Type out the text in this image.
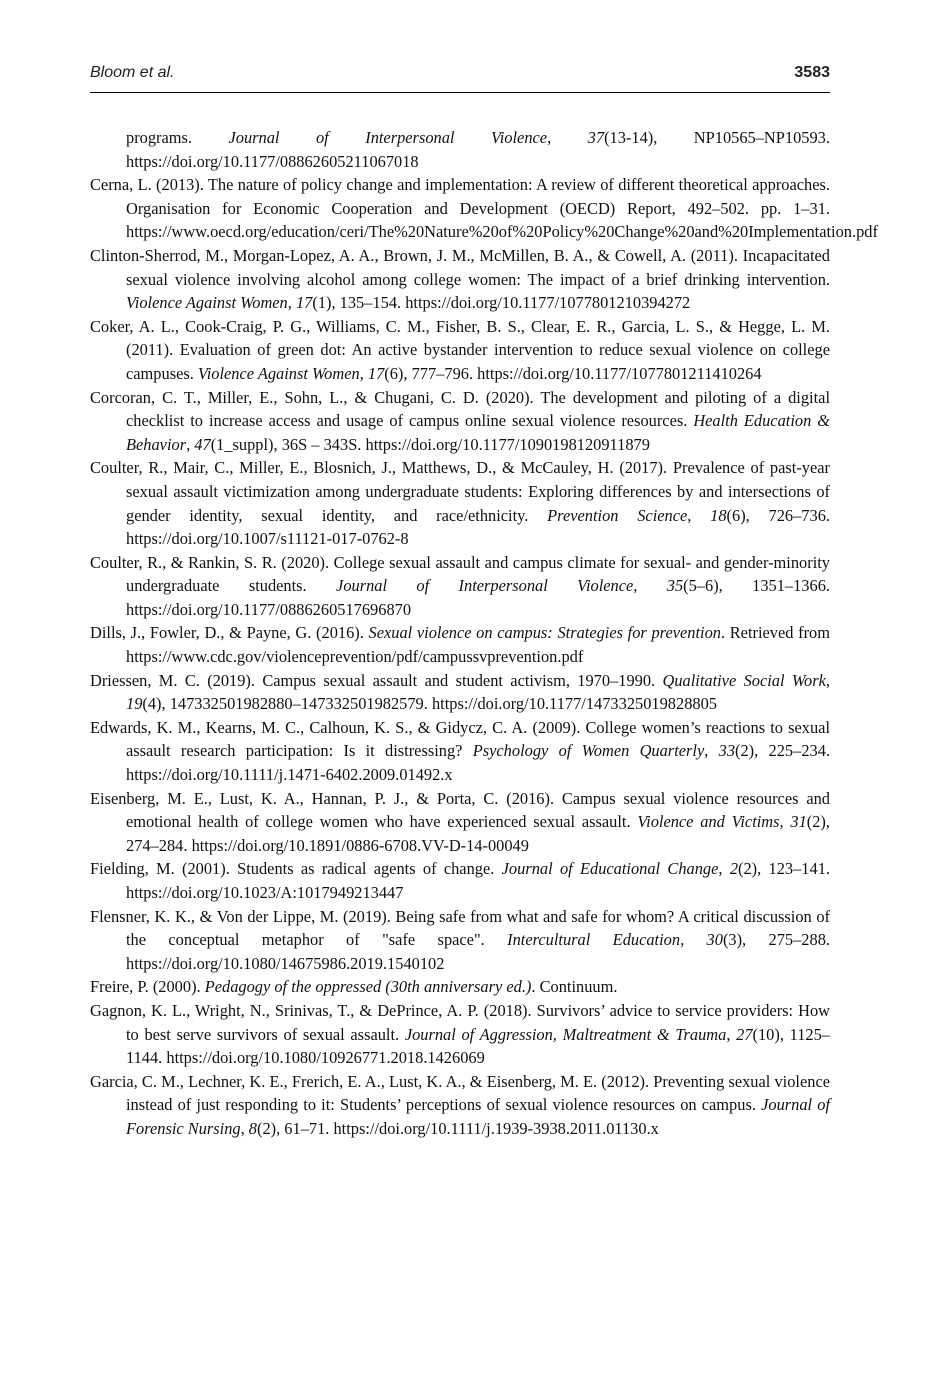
Bloom et al.	3583

programs. Journal of Interpersonal Violence, 37(13-14), NP10565–NP10593. https://doi.org/10.1177/08862605211067018

Cerna, L. (2013). The nature of policy change and implementation: A review of different theoretical approaches. Organisation for Economic Cooperation and Development (OECD) Report, 492–502. pp. 1–31. https://www.oecd.org/education/ceri/The%20Nature%20of%20Policy%20Change%20and%20Implementation.pdf

Clinton-Sherrod, M., Morgan-Lopez, A. A., Brown, J. M., McMillen, B. A., & Cowell, A. (2011). Incapacitated sexual violence involving alcohol among college women: The impact of a brief drinking intervention. Violence Against Women, 17(1), 135–154. https://doi.org/10.1177/1077801210394272

Coker, A. L., Cook-Craig, P. G., Williams, C. M., Fisher, B. S., Clear, E. R., Garcia, L. S., & Hegge, L. M. (2011). Evaluation of green dot: An active bystander intervention to reduce sexual violence on college campuses. Violence Against Women, 17(6), 777–796. https://doi.org/10.1177/1077801211410264

Corcoran, C. T., Miller, E., Sohn, L., & Chugani, C. D. (2020). The development and piloting of a digital checklist to increase access and usage of campus online sexual violence resources. Health Education & Behavior, 47(1_suppl), 36S – 343S. https://doi.org/10.1177/1090198120911879

Coulter, R., Mair, C., Miller, E., Blosnich, J., Matthews, D., & McCauley, H. (2017). Prevalence of past-year sexual assault victimization among undergraduate students: Exploring differences by and intersections of gender identity, sexual identity, and race/ethnicity. Prevention Science, 18(6), 726–736. https://doi.org/10.1007/s11121-017-0762-8

Coulter, R., & Rankin, S. R. (2020). College sexual assault and campus climate for sexual- and gender-minority undergraduate students. Journal of Interpersonal Violence, 35(5–6), 1351–1366. https://doi.org/10.1177/0886260517696870

Dills, J., Fowler, D., & Payne, G. (2016). Sexual violence on campus: Strategies for prevention. Retrieved from https://www.cdc.gov/violenceprevention/pdf/campussvprevention.pdf

Driessen, M. C. (2019). Campus sexual assault and student activism, 1970–1990. Qualitative Social Work, 19(4), 147332501982880–147332501982579. https://doi.org/10.1177/1473325019828805

Edwards, K. M., Kearns, M. C., Calhoun, K. S., & Gidycz, C. A. (2009). College women’s reactions to sexual assault research participation: Is it distressing? Psychology of Women Quarterly, 33(2), 225–234. https://doi.org/10.1111/j.1471-6402.2009.01492.x

Eisenberg, M. E., Lust, K. A., Hannan, P. J., & Porta, C. (2016). Campus sexual violence resources and emotional health of college women who have experienced sexual assault. Violence and Victims, 31(2), 274–284. https://doi.org/10.1891/0886-6708.VV-D-14-00049

Fielding, M. (2001). Students as radical agents of change. Journal of Educational Change, 2(2), 123–141. https://doi.org/10.1023/A:1017949213447

Flensner, K. K., & Von der Lippe, M. (2019). Being safe from what and safe for whom? A critical discussion of the conceptual metaphor of "safe space". Intercultural Education, 30(3), 275–288. https://doi.org/10.1080/14675986.2019.1540102

Freire, P. (2000). Pedagogy of the oppressed (30th anniversary ed.). Continuum.

Gagnon, K. L., Wright, N., Srinivas, T., & DePrince, A. P. (2018). Survivors’ advice to service providers: How to best serve survivors of sexual assault. Journal of Aggression, Maltreatment & Trauma, 27(10), 1125–1144. https://doi.org/10.1080/10926771.2018.1426069

Garcia, C. M., Lechner, K. E., Frerich, E. A., Lust, K. A., & Eisenberg, M. E. (2012). Preventing sexual violence instead of just responding to it: Students’ perceptions of sexual violence resources on campus. Journal of Forensic Nursing, 8(2), 61–71. https://doi.org/10.1111/j.1939-3938.2011.01130.x
